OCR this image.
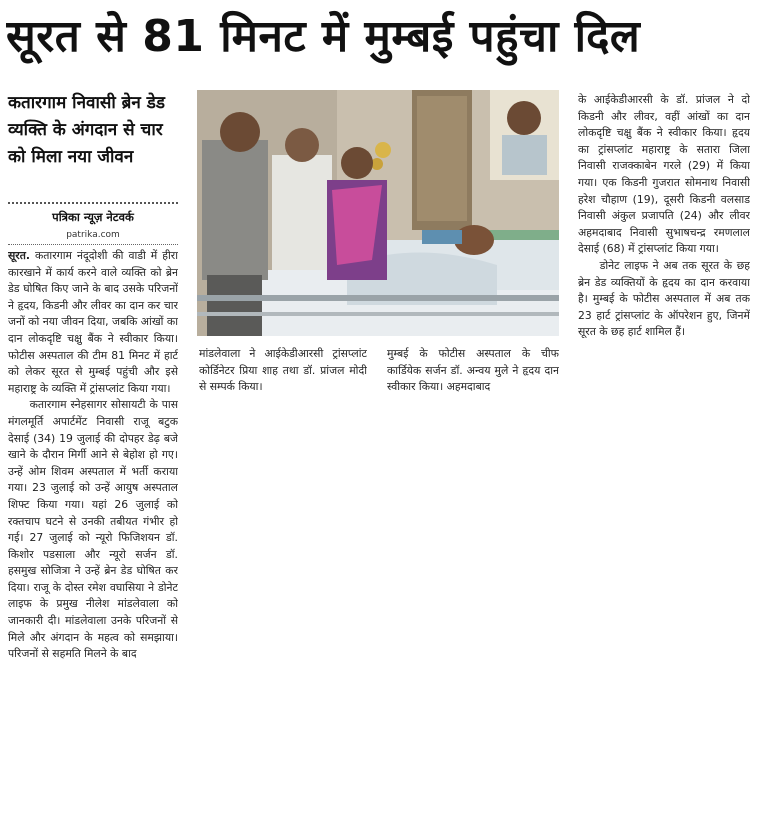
सूरत से 81 मिनट में मुम्बई पहुंचा दिल
कतारगाम निवासी ब्रेन डेड व्यक्ति के अंगदान से चार को मिला नया जीवन
पत्रिका न्यूज़ नेटवर्क
patrika.com

सूरत. कतारगाम नंदूदोशी की वाडी में हीरा कारखाने में कार्य करने वाले व्यक्ति को ब्रेन डेड घोषित किए जाने के बाद उसके परिजनों ने हृदय, किडनी और लीवर का दान कर चार जनों को नया जीवन दिया, जबकि आंखों का दान लोकदृष्टि चक्षु बैंक ने स्वीकार किया। फोटीस अस्पताल की टीम 81 मिनट में हार्ट को लेकर सूरत से मुम्बई पहुंची और इसे महाराष्ट्र के व्यक्ति में ट्रांसप्लांट किया गया।

कतारगाम स्नेहसागर सोसायटी के पास मंगलमूर्ति अपार्टमेंट निवासी राजू बटुक देसाई (34) 19 जुलाई की दोपहर डेढ़ बजे खाने के दौरान मिर्गी आने से बेहोश हो गए। उन्हें ओम शिवम अस्पताल में भर्ती कराया गया। 23 जुलाई को उन्हें आयुष अस्पताल शिफ्ट किया गया। यहां 26 जुलाई को रक्तचाप घटने से उनकी तबीयत गंभीर हो गई। 27 जुलाई को न्यूरो फिजिशयन डॉ. किशोर पडसाला और न्यूरो सर्जन डॉ. हसमुख सोजित्रा ने उन्हें ब्रेन डेड घोषित कर दिया। राजू के दोस्त रमेश वघासिया ने डोनेट लाइफ के प्रमुख नीलेश मांडलेवाला को जानकारी दी। मांडलेवाला उनके परिजनों से मिले और अंगदान के महत्व को समझाया। परिजनों से सहमति मिलने के बाद

मांडलेवाला ने आईकेडीआरसी ट्रांसप्लांट कोर्डिनेटर प्रिया शाह तथा डॉ. प्रांजल मोदी से सम्पर्क किया।
मुम्बई के फोटीस अस्पताल के चीफ कार्डियेक सर्जन डॉ. अन्वय मुले ने हृदय दान स्वीकार किया। अहमदाबाद

के आईकेडीआरसी के डॉ. प्रांजल ने दो किडनी और लीवर, वहीं आंखों का दान लोकदृष्टि चक्षु बैंक ने स्वीकार किया। हृदय का ट्रांसप्लांट महाराष्ट्र के सतारा जिला निवासी राजक्काबेन गरले (29) में किया गया। एक किडनी गुजरात सोमनाथ निवासी हरेश चौहाण (19), दूसरी किडनी वलसाड निवासी अंकुल प्रजापति (24) और लीवर अहमदाबाद निवासी सुभाषचन्द्र रमणलाल देसाई (68) में ट्रांसप्लांट किया गया।

डोनेट लाइफ ने अब तक सूरत के छह ब्रेन डेड व्यक्तियों के हृदय का दान करवाया है। मुम्बई के फोटीस अस्पताल में अब तक 23 हार्ट ट्रांसप्लांट के ऑपरेशन हुए, जिनमें सूरत के छह हार्ट शामिल हैं।
